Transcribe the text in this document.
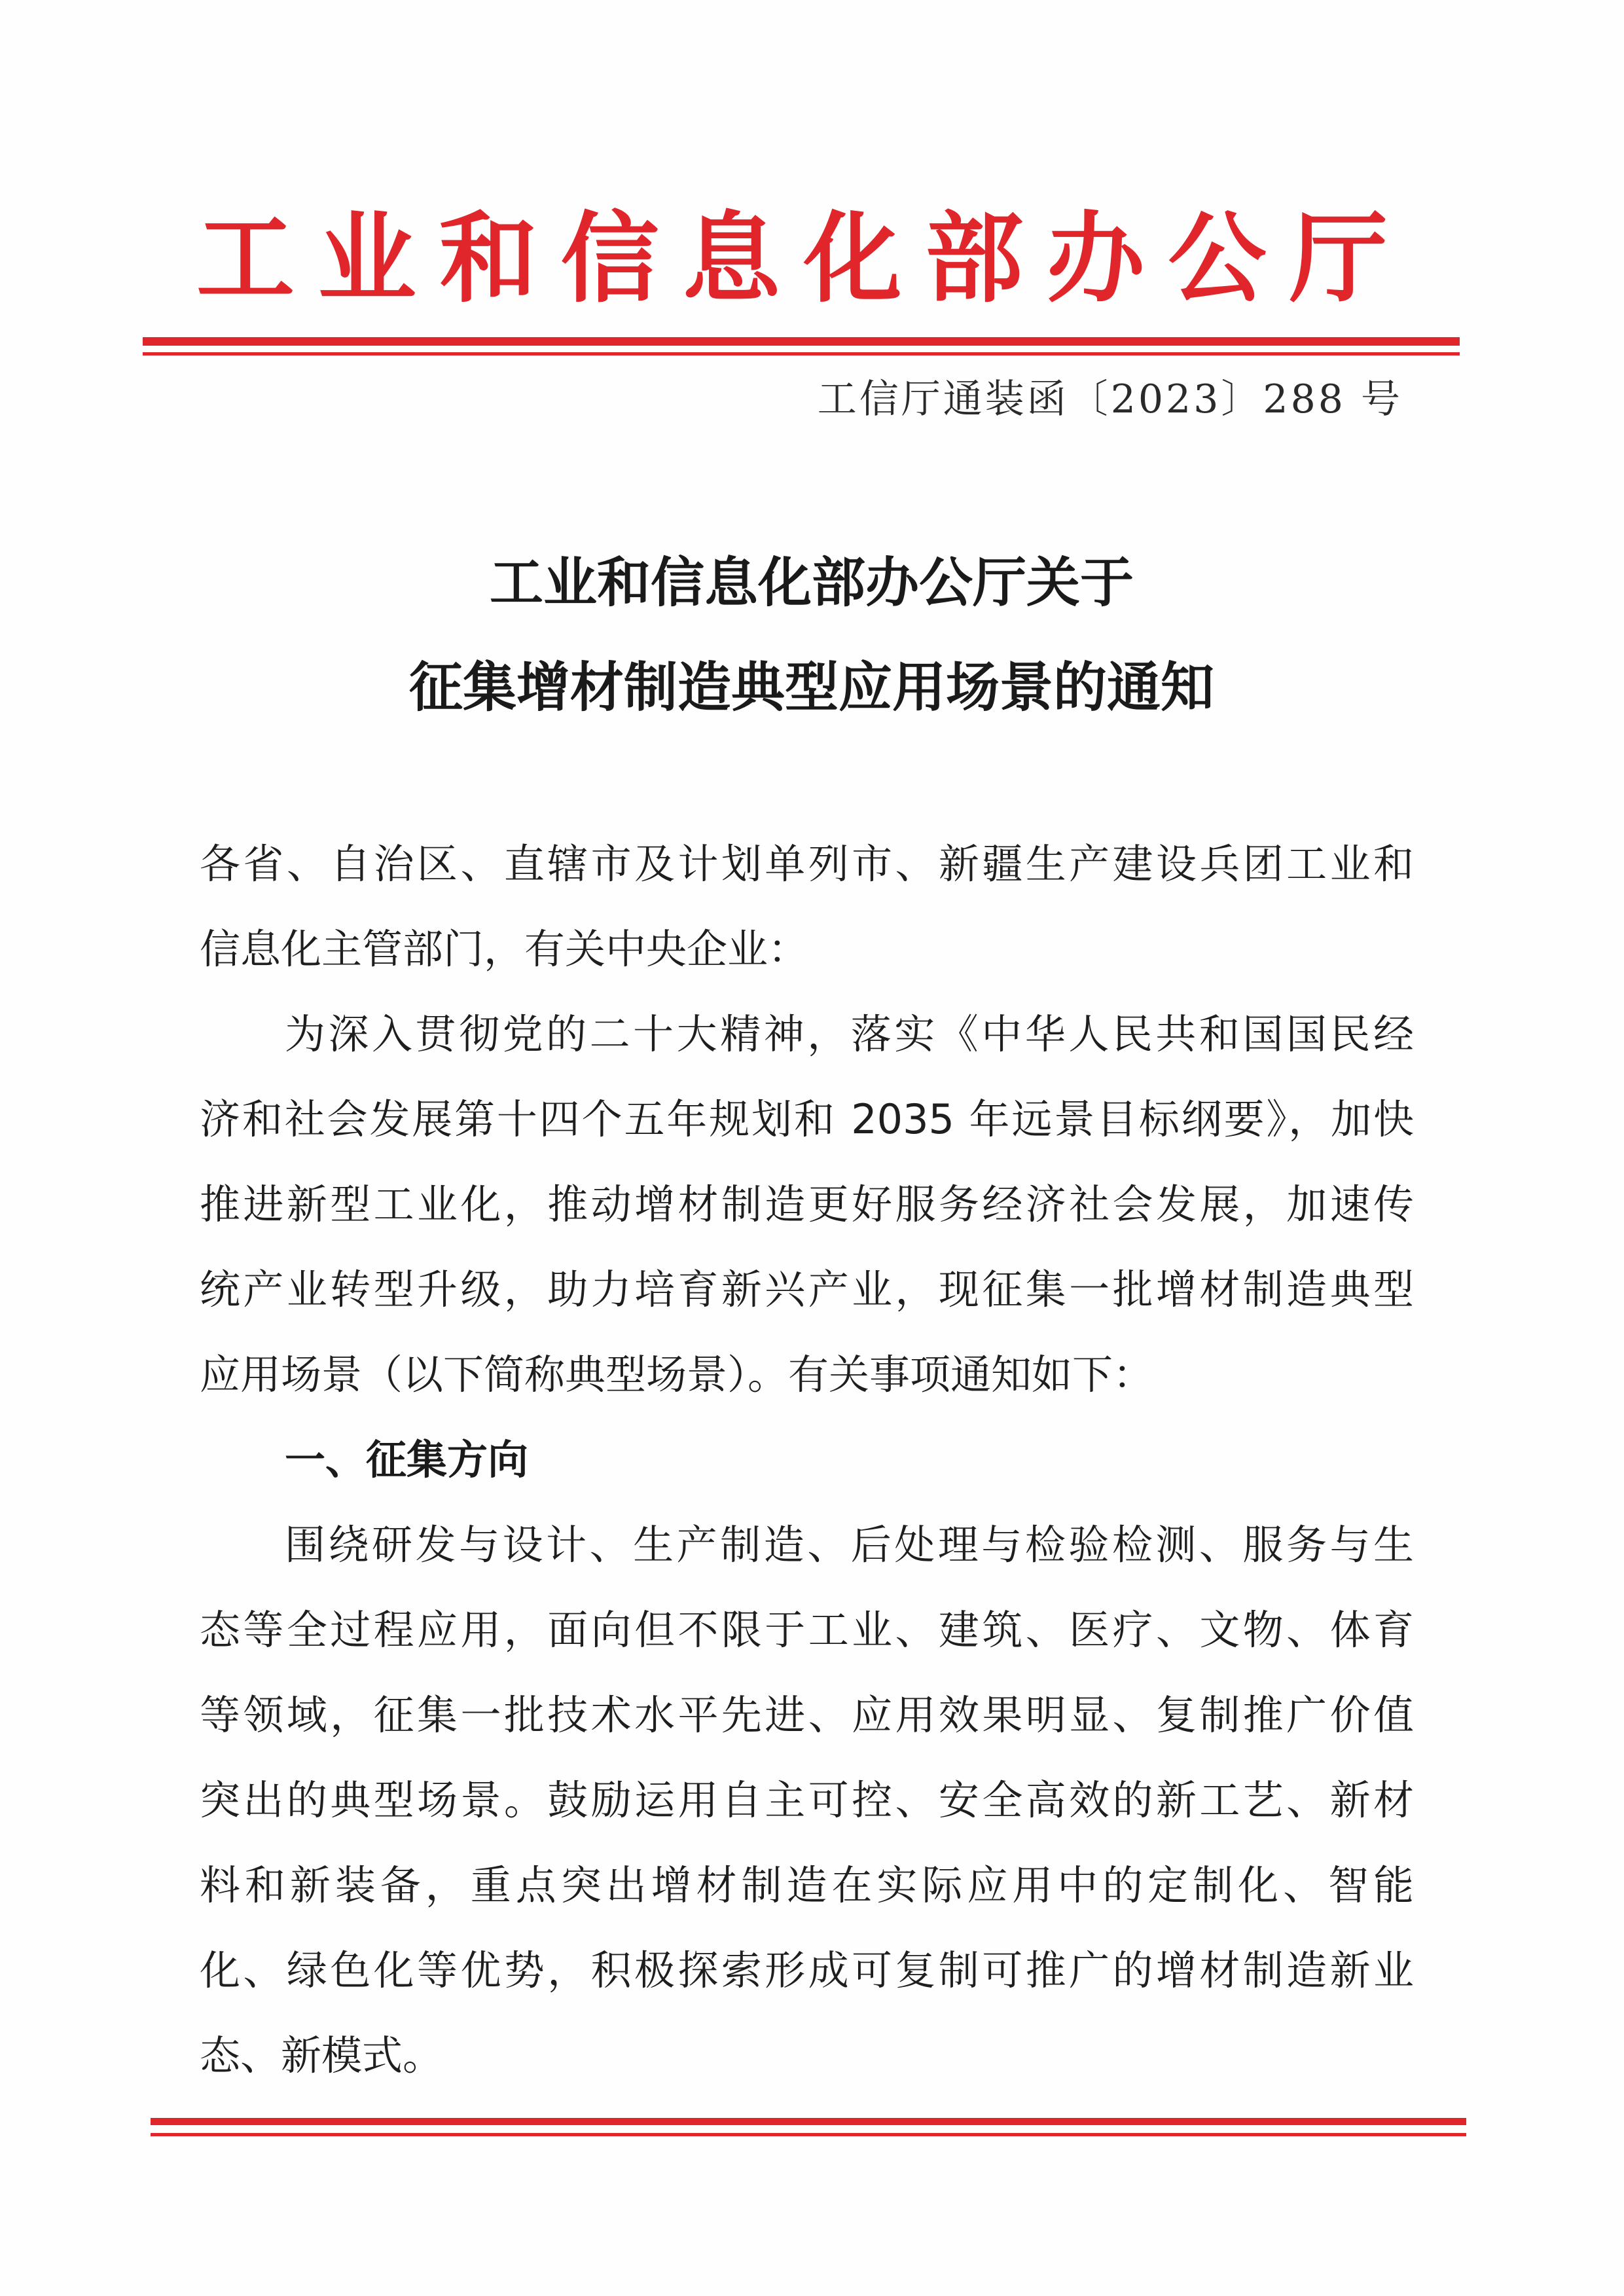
工 业 和 信 息 化 部 办 公 厅
工信厅通装函〔2023〕288 号
工业和信息化部办公厅关于
征集增材制造典型应用场景的通知
各省、自治区、直辖市及计划单列市、新疆生产建设兵团工业和
信息化主管部门，有关中央企业：
为深入贯彻党的二十大精神，落实《中华人民共和国国民经
济和社会发展第十四个五年规划和 2035 年远景目标纲要》，加快
推进新型工业化，推动增材制造更好服务经济社会发展，加速传
统产业转型升级，助力培育新兴产业，现征集一批增材制造典型
应用场景（以下简称典型场景）。有关事项通知如下：
一、征集方向
围绕研发与设计、生产制造、后处理与检验检测、服务与生
态等全过程应用，面向但不限于工业、建筑、医疗、文物、体育
等领域，征集一批技术水平先进、应用效果明显、复制推广价值
突出的典型场景。鼓励运用自主可控、安全高效的新工艺、新材
料和新装备，重点突出增材制造在实际应用中的定制化、智能
化、绿色化等优势，积极探索形成可复制可推广的增材制造新业
态、新模式。
